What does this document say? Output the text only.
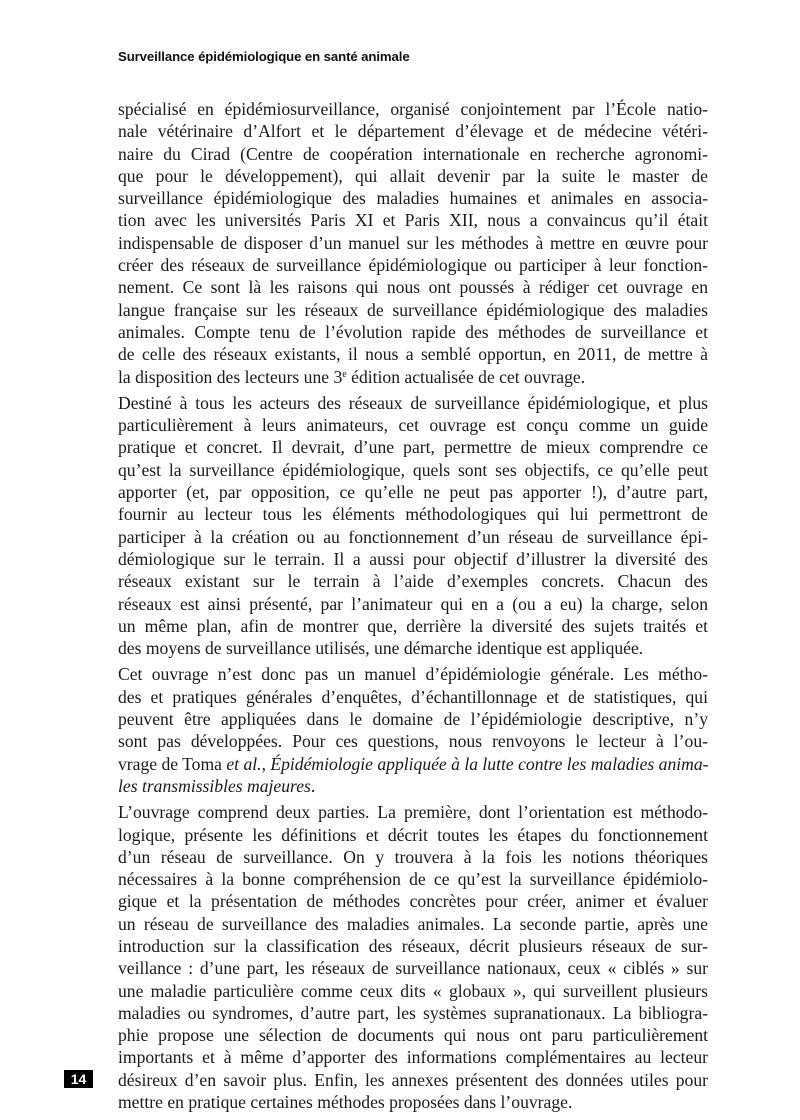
Surveillance épidémiologique en santé animale
spécialisé en épidémiosurveillance, organisé conjointement par l’École natio-
nale vétérinaire d’Alfort et le département d’élevage et de médecine vétéri-
naire du Cirad (Centre de coopération internationale en recherche agronomi-
que pour le développement), qui allait devenir par la suite le master de
surveillance épidémiologique des maladies humaines et animales en associa-
tion avec les universités Paris XI et Paris XII, nous a convaincus qu’il était
indispensable de disposer d’un manuel sur les méthodes à mettre en œuvre pour
créer des réseaux de surveillance épidémiologique ou participer à leur fonction-
nement. Ce sont là les raisons qui nous ont poussés à rédiger cet ouvrage en
langue française sur les réseaux de surveillance épidémiologique des maladies
animales. Compte tenu de l’évolution rapide des méthodes de surveillance et
de celle des réseaux existants, il nous a semblé opportun, en 2011, de mettre à
la disposition des lecteurs une 3e édition actualisée de cet ouvrage.
Destiné à tous les acteurs des réseaux de surveillance épidémiologique, et plus
particulièrement à leurs animateurs, cet ouvrage est conçu comme un guide
pratique et concret. Il devrait, d’une part, permettre de mieux comprendre ce
qu’est la surveillance épidémiologique, quels sont ses objectifs, ce qu’elle peut
apporter (et, par opposition, ce qu’elle ne peut pas apporter !), d’autre part,
fournir au lecteur tous les éléments méthodologiques qui lui permettront de
participer à la création ou au fonctionnement d’un réseau de surveillance épi-
démiologique sur le terrain. Il a aussi pour objectif d’illustrer la diversité des
réseaux existant sur le terrain à l’aide d’exemples concrets. Chacun des
réseaux est ainsi présenté, par l’animateur qui en a (ou a eu) la charge, selon
un même plan, afin de montrer que, derrière la diversité des sujets traités et
des moyens de surveillance utilisés, une démarche identique est appliquée.
Cet ouvrage n’est donc pas un manuel d’épidémiologie générale. Les métho-
des et pratiques générales d’enquêtes, d’échantillonnage et de statistiques, qui
peuvent être appliquées dans le domaine de l’épidémiologie descriptive, n’y
sont pas développées. Pour ces questions, nous renvoyons le lecteur à l’ou-
vrage de Toma et al., Épidémiologie appliquée à la lutte contre les maladies anima-
les transmissibles majeures.
L’ouvrage comprend deux parties. La première, dont l’orientation est méthodo-
logique, présente les définitions et décrit toutes les étapes du fonctionnement
d’un réseau de surveillance. On y trouvera à la fois les notions théoriques
nécessaires à la bonne compréhension de ce qu’est la surveillance épidémiolo-
gique et la présentation de méthodes concrètes pour créer, animer et évaluer
un réseau de surveillance des maladies animales. La seconde partie, après une
introduction sur la classification des réseaux, décrit plusieurs réseaux de sur-
veillance : d’une part, les réseaux de surveillance nationaux, ceux « ciblés » sur
une maladie particulière comme ceux dits « globaux », qui surveillent plusieurs
maladies ou syndromes, d’autre part, les systèmes supranationaux. La bibliogra-
phie propose une sélection de documents qui nous ont paru particulièrement
importants et à même d’apporter des informations complémentaires au lecteur
désireux d’en savoir plus. Enfin, les annexes présentent des données utiles pour
mettre en pratique certaines méthodes proposées dans l’ouvrage.
14
